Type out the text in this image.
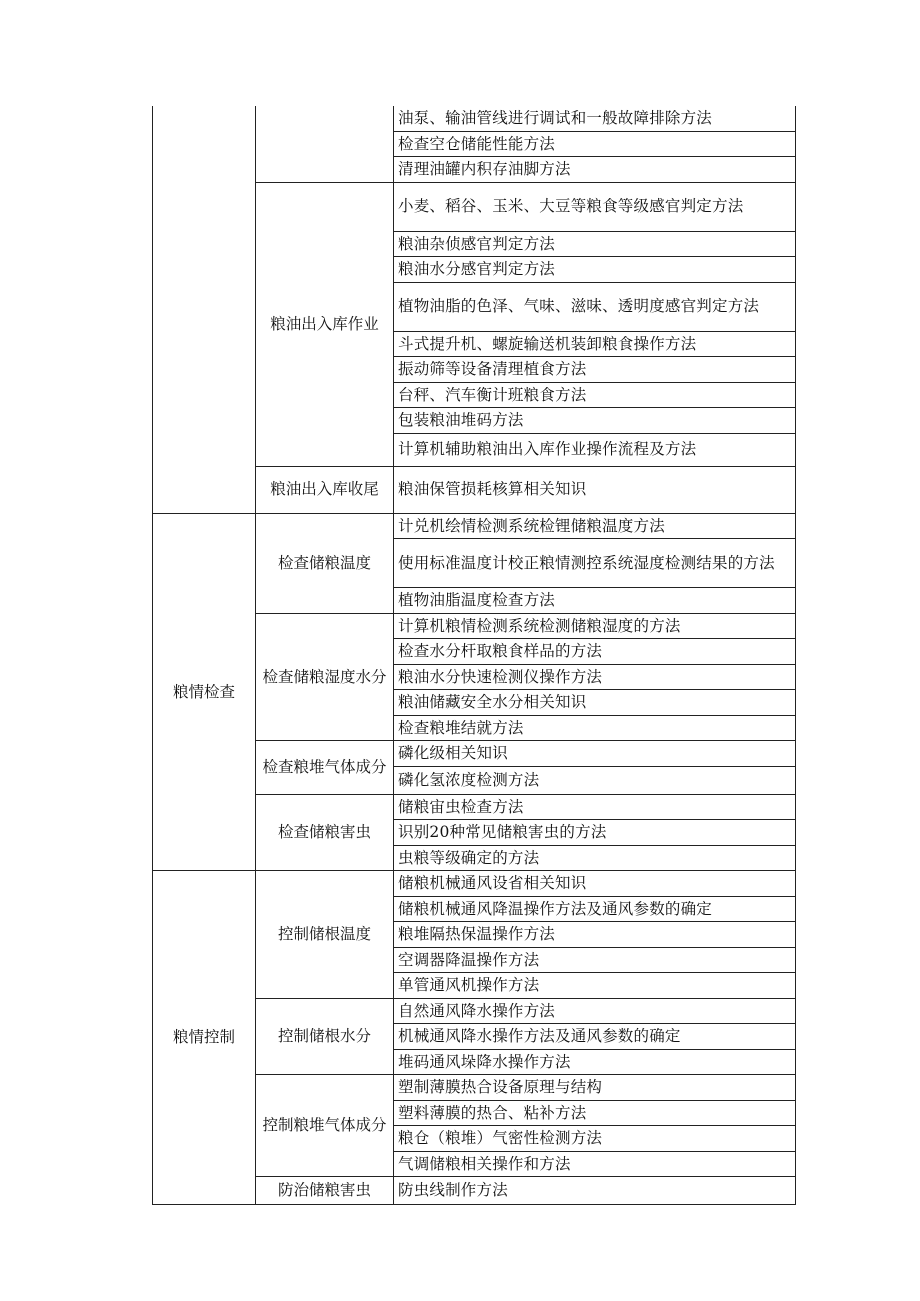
		油泵、输油管线进行调试和一般故障排除方法
		检查空仓储能性能方法
		清理油罐内积存油脚方法
	粮油出入库作业	小麦、稻谷、玉米、大豆等粮食等级感官判定方法
		粮油杂侦感官判定方法
		粮油水分感官判定方法
		植物油脂的色泽、气味、滋味、透明度感官判定方法
		斗式提升机、螺旋输送机装卸粮食操作方法
		振动筛等设备清理植食方法
		台秤、汽车衡计班粮食方法
		包装粮油堆码方法
		计算机辅助粮油出入库作业操作流程及方法
	粮油出入库收尾	粮油保管损耗核算相关知识
粮情检查	检查储粮温度	计兑机绘情检测系统检锂储粮温度方法
		使用标准温度计校正粮情测控系统湿度检测结果的方法
		植物油脂温度检查方法
	检查储粮湿度水分	计算机粮情检测系统检测储粮湿度的方法
		检查水分杆取粮食样品的方法
		粮油水分快速检测仪操作方法
		粮油储藏安全水分相关知识
		检查粮堆结就方法
	检查粮堆气体成分	磷化级相关知识
		磷化氢浓度检测方法
	检查储粮害虫	储粮宙虫检查方法
		识别20种常见储粮害虫的方法
		虫粮等级确定的方法
粮情控制	控制储根温度	储粮机械通风设省相关知识
		储粮机械通风降温操作方法及通风参数的确定
		粮堆隔热保温操作方法
		空调器降温操作方法
		单管通风机操作方法
	控制储根水分	自然通风降水操作方法
		机械通风降水操作方法及通风参数的确定
		堆码通风垛降水操作方法
	控制粮堆气体成分	塑制薄膜热合设备原理与结构
		塑料薄膜的热合、粘补方法
		粮仓（粮堆）气密性检测方法
		气调储粮相关操作和方法
	防治储粮害虫	防虫线制作方法
